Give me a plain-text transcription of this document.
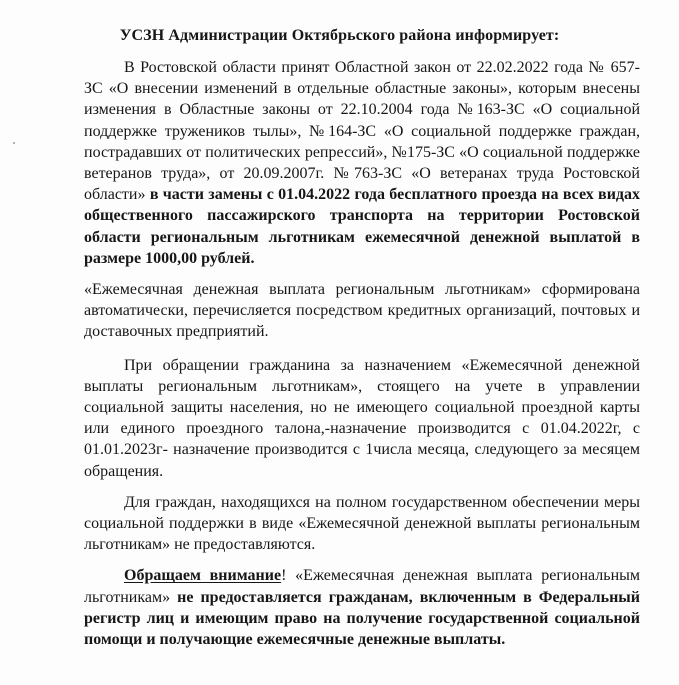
УСЗН Администрации Октябрьского района информирует:

В Ростовской области принят Областной закон от 22.02.2022 года № 657-ЗС «О внесении изменений в отдельные областные законы», которым внесены изменения в Областные законы от 22.10.2004 года №163-ЗС «О социальной поддержке тружеников тылы», №164-ЗС «О социальной поддержке граждан, пострадавших от политических репрессий», №175-ЗС «О социальной поддержке ветеранов труда», от 20.09.2007г. №763-ЗС «О ветеранах труда Ростовской области» в части замены с 01.04.2022 года бесплатного проезда на всех видах общественного пассажирского транспорта на территории Ростовской области региональным льготникам ежемесячной денежной выплатой в размере 1000,00 рублей.

«Ежемесячная денежная выплата региональным льготникам» сформирована автоматически, перечисляется посредством кредитных организаций, почтовых и доставочных предприятий.

При обращении гражданина за назначением «Ежемесячной денежной выплаты региональным льготникам», стоящего на учете в управлении социальной защиты населения, но не имеющего социальной проездной карты или единого проездного талона,-назначение производится с 01.04.2022г, с 01.01.2023г- назначение производится с 1числа месяца, следующего за месяцем обращения.

Для граждан, находящихся на полном государственном обеспечении меры социальной поддержки в виде «Ежемесячной денежной выплаты региональным льготникам» не предоставляются.

Обращаем внимание! «Ежемесячная денежная выплата региональным льготникам» не предоставляется гражданам, включенным в Федеральный регистр лиц и имеющим право на получение государственной социальной помощи и получающие ежемесячные денежные выплаты.
